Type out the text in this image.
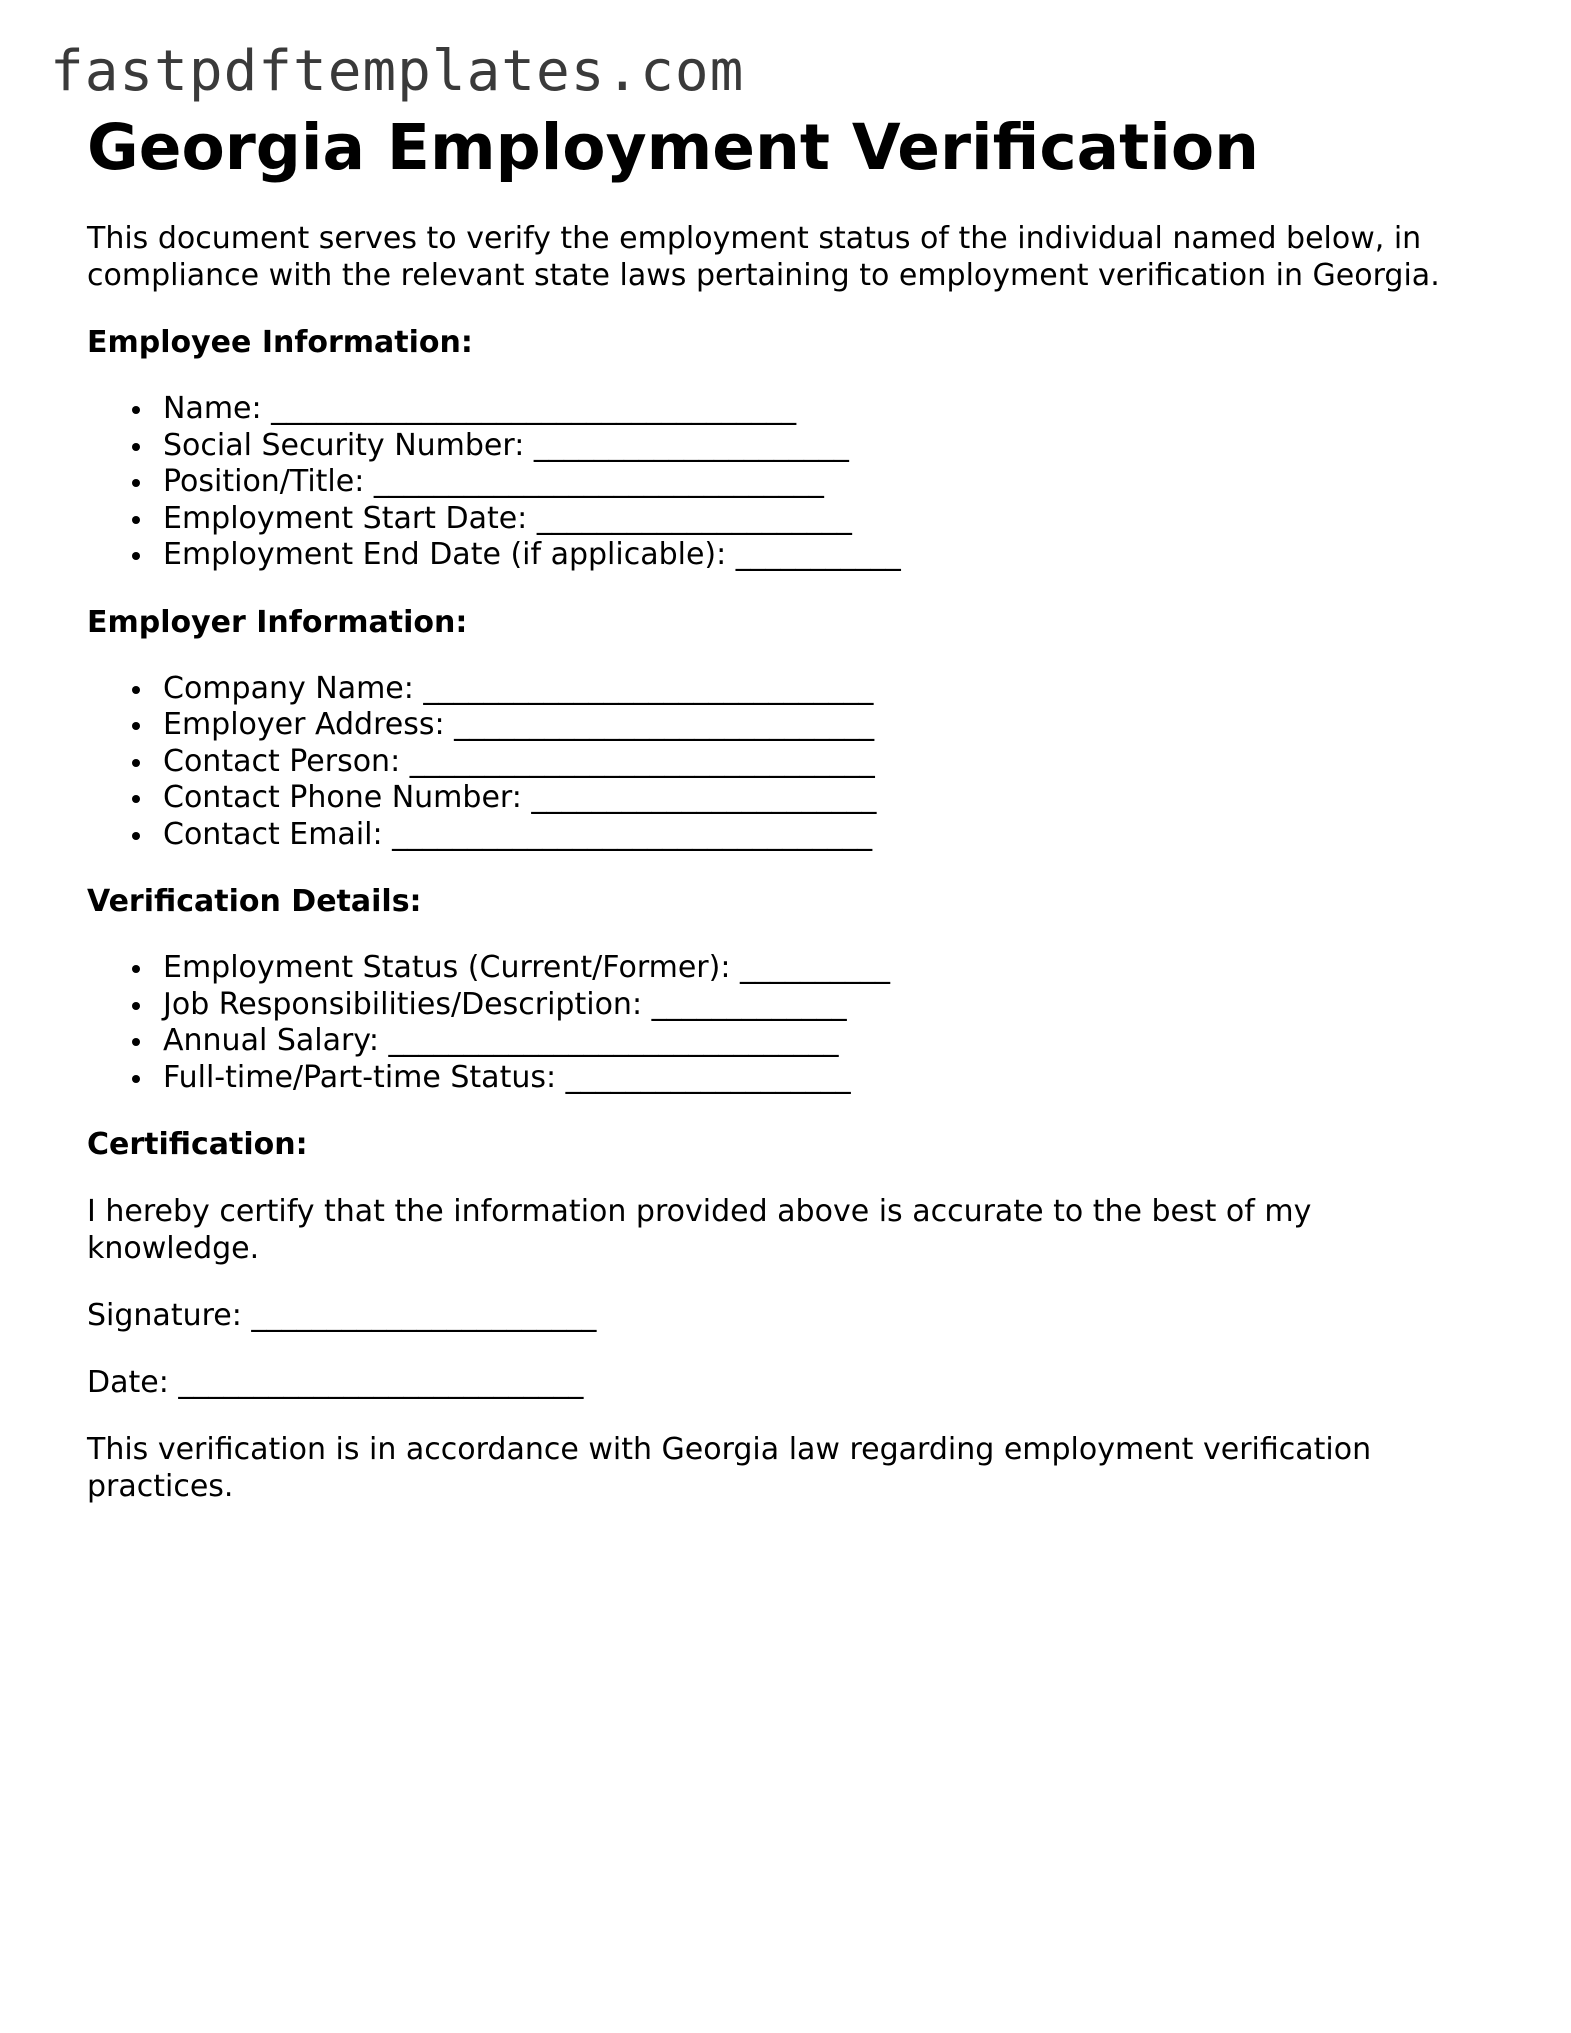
fastpdftemplates.com
Georgia Employment Verification

This document serves to verify the employment status of the individual named below, in compliance with the relevant state laws pertaining to employment verification in Georgia.

Employee Information:
Name: ___________________________________
Social Security Number: _____________________
Position/Title: ______________________________
Employment Start Date: _____________________
Employment End Date (if applicable): ___________
Employer Information:
Company Name: ______________________________
Employer Address: ____________________________
Contact Person: _______________________________
Contact Phone Number: _______________________
Contact Email: ________________________________
Verification Details:
Employment Status (Current/Former): __________
Job Responsibilities/Description: _____________
Annual Salary: ______________________________
Full-time/Part-time Status: ___________________
Certification:

I hereby certify that the information provided above is accurate to the best of my knowledge.

Signature: _______________________

Date: ___________________________

This verification is in accordance with Georgia law regarding employment verification practices.
